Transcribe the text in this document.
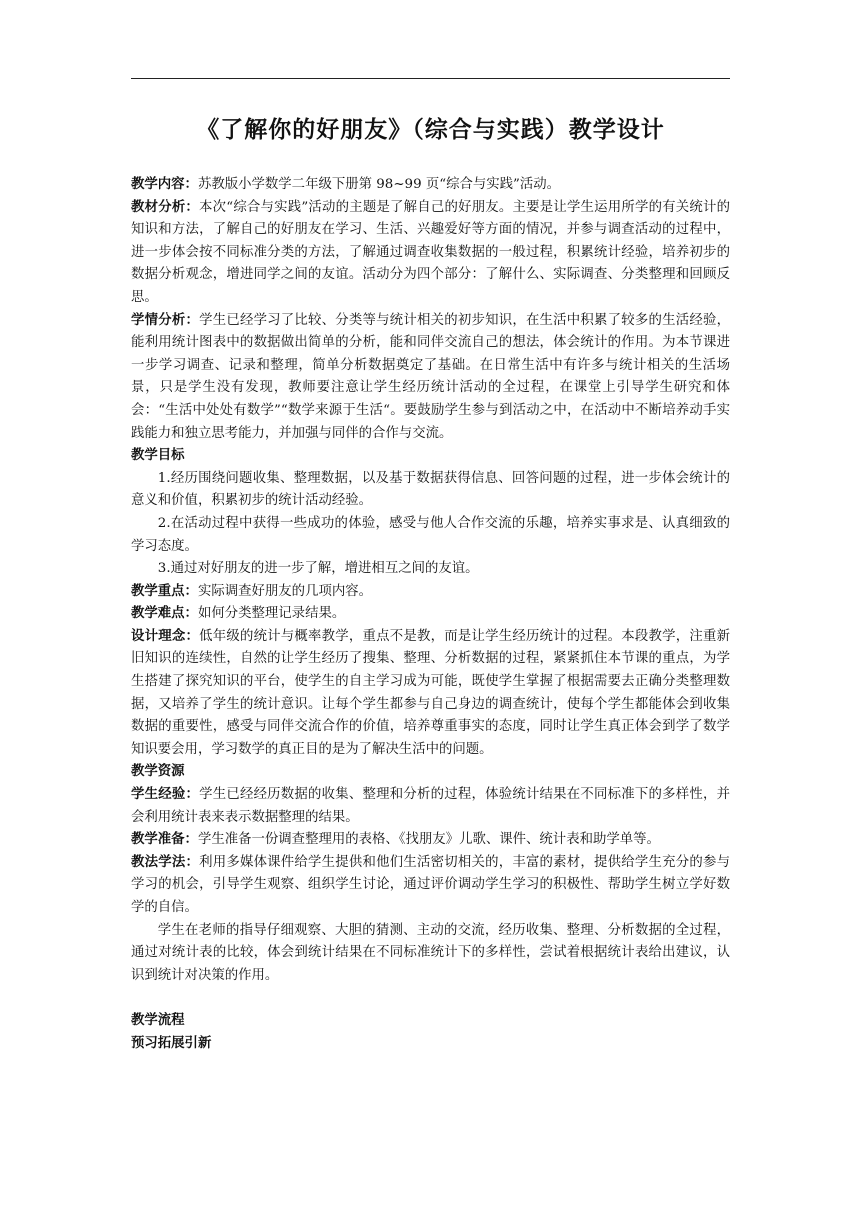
《了解你的好朋友》（综合与实践）教学设计

教学内容：苏教版小学数学二年级下册第 98~99 页“综合与实践”活动。

教材分析：本次“综合与实践”活动的主题是了解自己的好朋友。主要是让学生运用所学的有关统计的知识和方法，了解自己的好朋友在学习、生活、兴趣爱好等方面的情况，并参与调查活动的过程中，进一步体会按不同标准分类的方法，了解通过调查收集数据的一般过程，积累统计经验，培养初步的数据分析观念，增进同学之间的友谊。活动分为四个部分：了解什么、实际调查、分类整理和回顾反思。

学情分析：学生已经学习了比较、分类等与统计相关的初步知识，在生活中积累了较多的生活经验，能利用统计图表中的数据做出简单的分析，能和同伴交流自己的想法，体会统计的作用。为本节课进一步学习调查、记录和整理，简单分析数据奠定了基础。在日常生活中有许多与统计相关的生活场景，只是学生没有发现，教师要注意让学生经历统计活动的全过程，在课堂上引导学生研究和体会：“生活中处处有数学”“数学来源于生活“。要鼓励学生参与到活动之中，在活动中不断培养动手实践能力和独立思考能力，并加强与同伴的合作与交流。

教学目标

1.经历围绕问题收集、整理数据，以及基于数据获得信息、回答问题的过程，进一步体会统计的意义和价值，积累初步的统计活动经验。

2.在活动过程中获得一些成功的体验，感受与他人合作交流的乐趣，培养实事求是、认真细致的学习态度。

3.通过对好朋友的进一步了解，增进相互之间的友谊。

教学重点：实际调查好朋友的几项内容。

教学难点：如何分类整理记录结果。

设计理念：低年级的统计与概率教学，重点不是教，而是让学生经历统计的过程。本段教学，注重新旧知识的连续性，自然的让学生经历了搜集、整理、分析数据的过程，紧紧抓住本节课的重点，为学生搭建了探究知识的平台，使学生的自主学习成为可能，既使学生掌握了根据需要去正确分类整理数据，又培养了学生的统计意识。让每个学生都参与自己身边的调查统计，使每个学生都能体会到收集数据的重要性，感受与同伴交流合作的价值，培养尊重事实的态度，同时让学生真正体会到学了数学知识要会用，学习数学的真正目的是为了解决生活中的问题。

教学资源

学生经验：学生已经经历数据的收集、整理和分析的过程，体验统计结果在不同标准下的多样性，并会利用统计表来表示数据整理的结果。

教学准备：学生准备一份调查整理用的表格、《找朋友》儿歌、课件、统计表和助学单等。

教法学法：利用多媒体课件给学生提供和他们生活密切相关的，丰富的素材，提供给学生充分的参与学习的机会，引导学生观察、组织学生讨论，通过评价调动学生学习的积极性、帮助学生树立学好数学的自信。

学生在老师的指导仔细观察、大胆的猜测、主动的交流，经历收集、整理、分析数据的全过程，通过对统计表的比较，体会到统计结果在不同标准统计下的多样性，尝试着根据统计表给出建议，认识到统计对决策的作用。

教学流程

预习拓展引新
